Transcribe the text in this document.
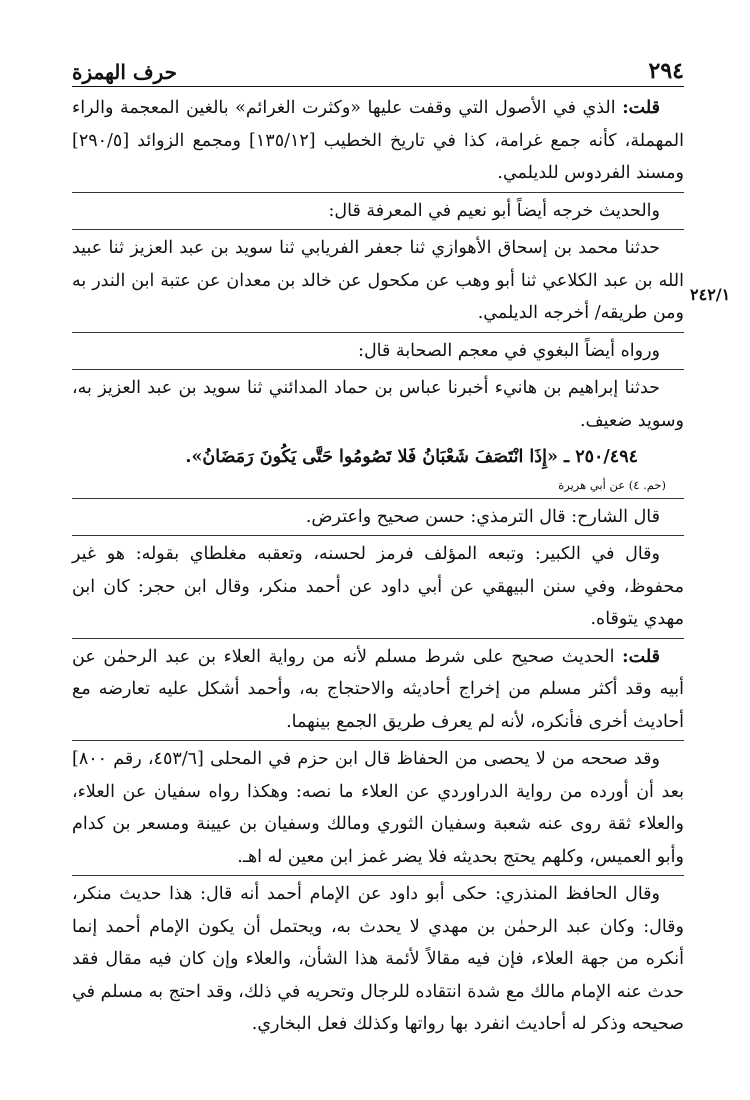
٢٩٤
حرف الهمزة
٢٤٢/١

قلت: الذي في الأصول التي وقفت عليها «وكثرت الغرائم» بالغين المعجمة والراء المهملة، كأنه جمع غرامة، كذا في تاريخ الخطيب [١٣٥/١٢] ومجمع الزوائد [٢٩٠/٥] ومسند الفردوس للديلمي.

والحديث خرجه أيضاً أبو نعيم في المعرفة قال:

حدثنا محمد بن إسحاق الأهوازي ثنا جعفر الفريابي ثنا سويد بن عبد العزيز ثنا عبيد الله بن عبد الكلاعي ثنا أبو وهب عن مكحول عن خالد بن معدان عن عتبة ابن الندر به ومن طريقه/ أخرجه الديلمي.

ورواه أيضاً البغوي في معجم الصحابة قال:

حدثنا إبراهيم بن هانيء أخبرنا عباس بن حماد المدائني ثنا سويد بن عبد العزيز به، وسويد ضعيف.

٢٥٠/٤٩٤ ـ «إِذَا انْتَصَفَ شَعْبَانُ فَلا تَصُومُوا حَتَّى يَكُونَ رَمَضَانُ».

(حم. ٤) عن أبي هريرة

قال الشارح: قال الترمذي: حسن صحيح واعترض.

وقال في الكبير: وتبعه المؤلف فرمز لحسنه، وتعقبه مغلطاي بقوله: هو غير محفوظ، وفي سنن البيهقي عن أبي داود عن أحمد منكر، وقال ابن حجر: كان ابن مهدي يتوقاه.

قلت: الحديث صحيح على شرط مسلم لأنه من رواية العلاء بن عبد الرحمٰن عن أبيه وقد أكثر مسلم من إخراج أحاديثه والاحتجاج به، وأحمد أشكل عليه تعارضه مع أحاديث أخرى فأنكره، لأنه لم يعرف طريق الجمع بينهما.

وقد صححه من لا يحصى من الحفاظ قال ابن حزم في المحلى [٤٥٣/٦، رقم ٨٠٠] بعد أن أورده من رواية الدراوردي عن العلاء ما نصه: وهكذا رواه سفيان عن العلاء، والعلاء ثقة روى عنه شعبة وسفيان الثوري ومالك وسفيان بن عيينة ومسعر بن كدام وأبو العميس، وكلهم يحتج بحديثه فلا يضر غمز ابن معين له اهـ.

وقال الحافظ المنذري: حكى أبو داود عن الإمام أحمد أنه قال: هذا حديث منكر، وقال: وكان عبد الرحمٰن بن مهدي لا يحدث به، ويحتمل أن يكون الإمام أحمد إنما أنكره من جهة العلاء، فإن فيه مقالاً لأئمة هذا الشأن، والعلاء وإن كان فيه مقال فقد حدث عنه الإمام مالك مع شدة انتقاده للرجال وتحريه في ذلك، وقد احتج به مسلم في صحيحه وذكر له أحاديث انفرد بها رواتها وكذلك فعل البخاري.
